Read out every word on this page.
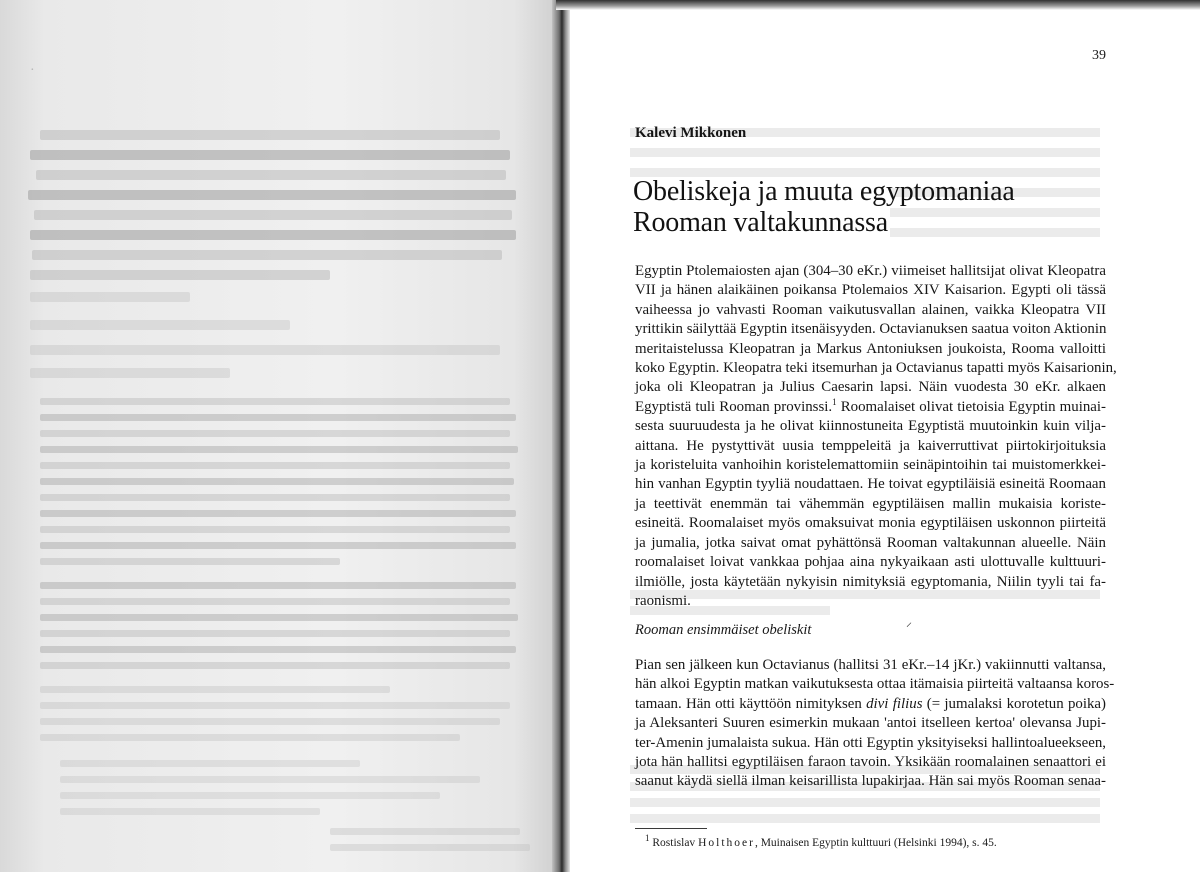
·
39
Kalevi Mikkonen
Obeliskeja ja muuta egyptomaniaa
Rooman valtakunnassa
Egyptin Ptolemaiosten ajan (304–30 eKr.) viimeiset hallitsijat olivat Kleopatra
VII ja hänen alaikäinen poikansa Ptolemaios XIV Kaisarion. Egypti oli tässä
vaiheessa jo vahvasti Rooman vaikutusvallan alainen, vaikka Kleopatra VII
yrittikin säilyttää Egyptin itsenäisyyden. Octavianuksen saatua voiton Aktionin
meritaistelussa Kleopatran ja Markus Antoniuksen joukoista, Rooma valloitti
koko Egyptin. Kleopatra teki itsemurhan ja Octavianus tapatti myös Kaisarionin,
joka oli Kleopatran ja Julius Caesarin lapsi. Näin vuodesta 30 eKr. alkaen
Egyptistä tuli Rooman provinssi.$^1$ Roomalaiset olivat tietoisia Egyptin muinai-
sesta suuruudesta ja he olivat kiinnostuneita Egyptistä muutoinkin kuin vilja-
aittana. He pystyttivät uusia temppeleitä ja kaiverruttivat piirtokirjoituksia
ja koristeluita vanhoihin koristelemattomiin seinäpintoihin tai muistomerkkei-
hin vanhan Egyptin tyyliä noudattaen. He toivat egyptiläisiä esineitä Roomaan
ja teettivät enemmän tai vähemmän egyptiläisen mallin mukaisia koriste-
esineitä. Roomalaiset myös omaksuivat monia egyptiläisen uskonnon piirteitä
ja jumalia, jotka saivat omat pyhättönsä Rooman valtakunnan alueelle. Näin
roomalaiset loivat vankkaa pohjaa aina nykyaikaan asti ulottuvalle kulttuuri-
ilmiölle, josta käytetään nykyisin nimityksiä egyptomania, Niilin tyyli tai fa-
raonismi.
⸝
Rooman ensimmäiset obeliskit
Pian sen jälkeen kun Octavianus (hallitsi 31 eKr.–14 jKr.) vakiinnutti valtansa,
hän alkoi Egyptin matkan vaikutuksesta ottaa itämaisia piirteitä valtaansa koros-
tamaan. Hän otti käyttöön nimityksen divi filius (= jumalaksi korotetun poika)
ja Aleksanteri Suuren esimerkin mukaan 'antoi itselleen kertoa' olevansa Jupi-
ter-Amenin jumalaista sukua. Hän otti Egyptin yksityiseksi hallintoalueekseen,
jota hän hallitsi egyptiläisen faraon tavoin. Yksikään roomalainen senaattori ei
saanut käydä siellä ilman keisarillista lupakirjaa. Hän sai myös Rooman senaa-
$^1$ Rostislav Holthoer, Muinaisen Egyptin kulttuuri (Helsinki 1994), s. 45.
